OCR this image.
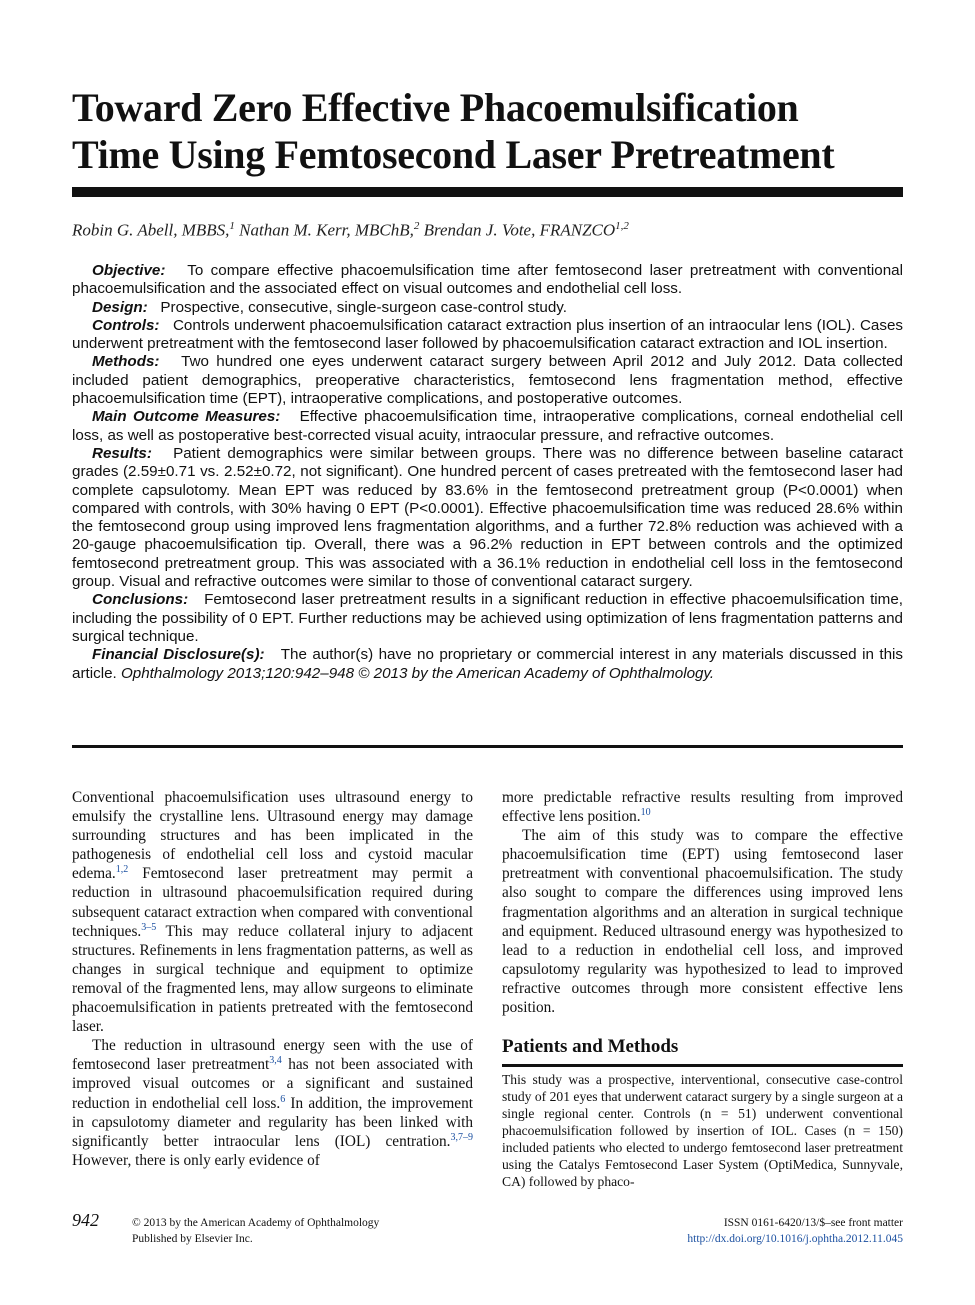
Toward Zero Effective Phacoemulsification
Time Using Femtosecond Laser Pretreatment
Robin G. Abell, MBBS,$^1$ Nathan M. Kerr, MBChB,$^2$ Brendan J. Vote, FRANZCO$^{1,2}$

Objective: To compare effective phacoemulsification time after femtosecond laser pretreatment with conventional phacoemulsification and the associated effect on visual outcomes and endothelial cell loss.

Design: Prospective, consecutive, single-surgeon case-control study.

Controls: Controls underwent phacoemulsification cataract extraction plus insertion of an intraocular lens (IOL). Cases underwent pretreatment with the femtosecond laser followed by phacoemulsification cataract extraction and IOL insertion.

Methods: Two hundred one eyes underwent cataract surgery between April 2012 and July 2012. Data collected included patient demographics, preoperative characteristics, femtosecond lens fragmentation method, effective phacoemulsification time (EPT), intraoperative complications, and postoperative outcomes.

Main Outcome Measures: Effective phacoemulsification time, intraoperative complications, corneal endothelial cell loss, as well as postoperative best-corrected visual acuity, intraocular pressure, and refractive outcomes.

Results: Patient demographics were similar between groups. There was no difference between baseline cataract grades (2.59±0.71 vs. 2.52±0.72, not significant). One hundred percent of cases pretreated with the femtosecond laser had complete capsulotomy. Mean EPT was reduced by 83.6% in the femtosecond pretreatment group (P<0.0001) when compared with controls, with 30% having 0 EPT (P<0.0001). Effective phacoemulsification time was reduced 28.6% within the femtosecond group using improved lens fragmentation algorithms, and a further 72.8% reduction was achieved with a 20-gauge phacoemulsification tip. Overall, there was a 96.2% reduction in EPT between controls and the optimized femtosecond pretreatment group. This was associated with a 36.1% reduction in endothelial cell loss in the femtosecond group. Visual and refractive outcomes were similar to those of conventional cataract surgery.

Conclusions: Femtosecond laser pretreatment results in a significant reduction in effective phacoemulsification time, including the possibility of 0 EPT. Further reductions may be achieved using optimization of lens fragmentation patterns and surgical technique.

Financial Disclosure(s): The author(s) have no proprietary or commercial interest in any materials discussed in this article. Ophthalmology 2013;120:942–948 © 2013 by the American Academy of Ophthalmology.

Conventional phacoemulsification uses ultrasound energy to emulsify the crystalline lens. Ultrasound energy may damage surrounding structures and has been implicated in the pathogenesis of endothelial cell loss and cystoid macular edema.$^{1,2}$ Femtosecond laser pretreatment may permit a reduction in ultrasound phacoemulsification required during subsequent cataract extraction when compared with conventional techniques.$^{3-5}$ This may reduce collateral injury to adjacent structures. Refinements in lens fragmentation patterns, as well as changes in surgical technique and equipment to optimize removal of the fragmented lens, may allow surgeons to eliminate phacoemulsification in patients pretreated with the femtosecond laser.

The reduction in ultrasound energy seen with the use of femtosecond laser pretreatment$^{3,4}$ has not been associated with improved visual outcomes or a significant and sustained reduction in endothelial cell loss.$^6$ In addition, the improvement in capsulotomy diameter and regularity has been linked with significantly better intraocular lens (IOL) centration.$^{3,7-9}$ However, there is only early evidence of

more predictable refractive results resulting from improved effective lens position.$^{10}$

The aim of this study was to compare the effective phacoemulsification time (EPT) using femtosecond laser pretreatment with conventional phacoemulsification. The study also sought to compare the differences using improved lens fragmentation algorithms and an alteration in surgical technique and equipment. Reduced ultrasound energy was hypothesized to lead to a reduction in endothelial cell loss, and improved capsulotomy regularity was hypothesized to lead to improved refractive outcomes through more consistent effective lens position.

Patients and Methods

This study was a prospective, interventional, consecutive case-control study of 201 eyes that underwent cataract surgery by a single surgeon at a single regional center. Controls (n = 51) underwent conventional phacoemulsification followed by insertion of IOL. Cases (n = 150) included patients who elected to undergo femtosecond laser pretreatment using the Catalys Femtosecond Laser System (OptiMedica, Sunnyvale, CA) followed by phaco-

942	© 2013 by the American Academy of Ophthalmology
Published by Elsevier Inc.
ISSN 0161-6420/13/$–see front matter
http://dx.doi.org/10.1016/j.ophtha.2012.11.045
